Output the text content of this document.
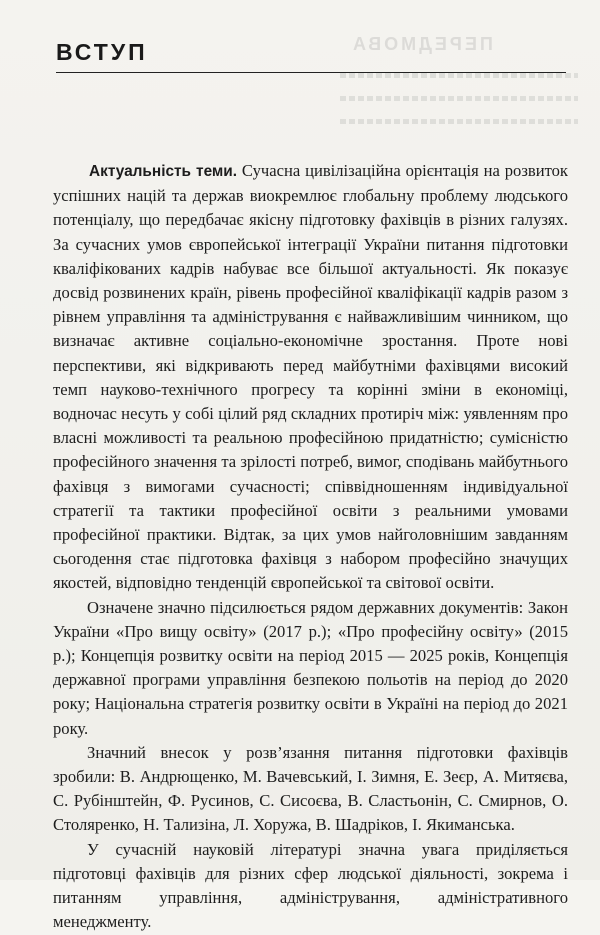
ПЕРЕДМОВА
ВСТУП

Актуальність теми. Сучасна цивілізаційна орієнтація на розвиток успішних націй та держав виокремлює глобальну проблему людського потенціалу, що передбачає якісну підготовку фахівців в різних галузях. За сучасних умов європейської інтеграції України питання підготовки кваліфікованих кадрів набуває все більшої актуальності. Як показує досвід розвинених країн, рівень професійної кваліфікації кадрів разом з рівнем управління та адміністрування є найважливішим чинником, що визначає активне соціально-економічне зростання. Проте нові перспективи, які відкривають перед майбутніми фахівцями високий темп науково-технічного прогресу та корінні зміни в економіці, водночас несуть у собі цілий ряд складних протиріч між: уявленням про власні можливості та реальною професійною придатністю; сумісністю професійного значення та зрілості потреб, вимог, сподівань майбутнього фахівця з вимогами сучасності; співвідношенням індивідуальної стратегії та тактики професійної освіти з реальними умовами професійної практики. Відтак, за цих умов найголовнішим завданням сьогодення стає підготовка фахівця з набором професійно значущих якостей, відповідно тенденцій європейської та світової освіти.

Означене значно підсилюється рядом державних документів: Закон України «Про вищу освіту» (2017 р.); «Про професійну освіту» (2015 р.); Концепція розвитку освіти на період 2015 — 2025 років, Концепція державної програми управління безпекою польотів на період до 2020 року; Національна стратегія розвитку освіти в Україні на період до 2021 року.

Значний внесок у розв’язання питання підготовки фахівців зробили: В. Андрющенко, М. Вачевський, І. Зимня, Е. Зеєр, А. Митяєва, С. Рубінштейн, Ф. Русинов, С. Сисоєва, В. Сластьонін, С. Смирнов, О. Столяренко, Н. Тализіна, Л. Хоружа, В. Шадріков, І. Якиманська.

У сучасній науковій літературі значна увага приділяється підготовці фахівців для різних сфер людської діяльності, зокрема і питанням управління, адміністрування, адміністративного менеджменту.
